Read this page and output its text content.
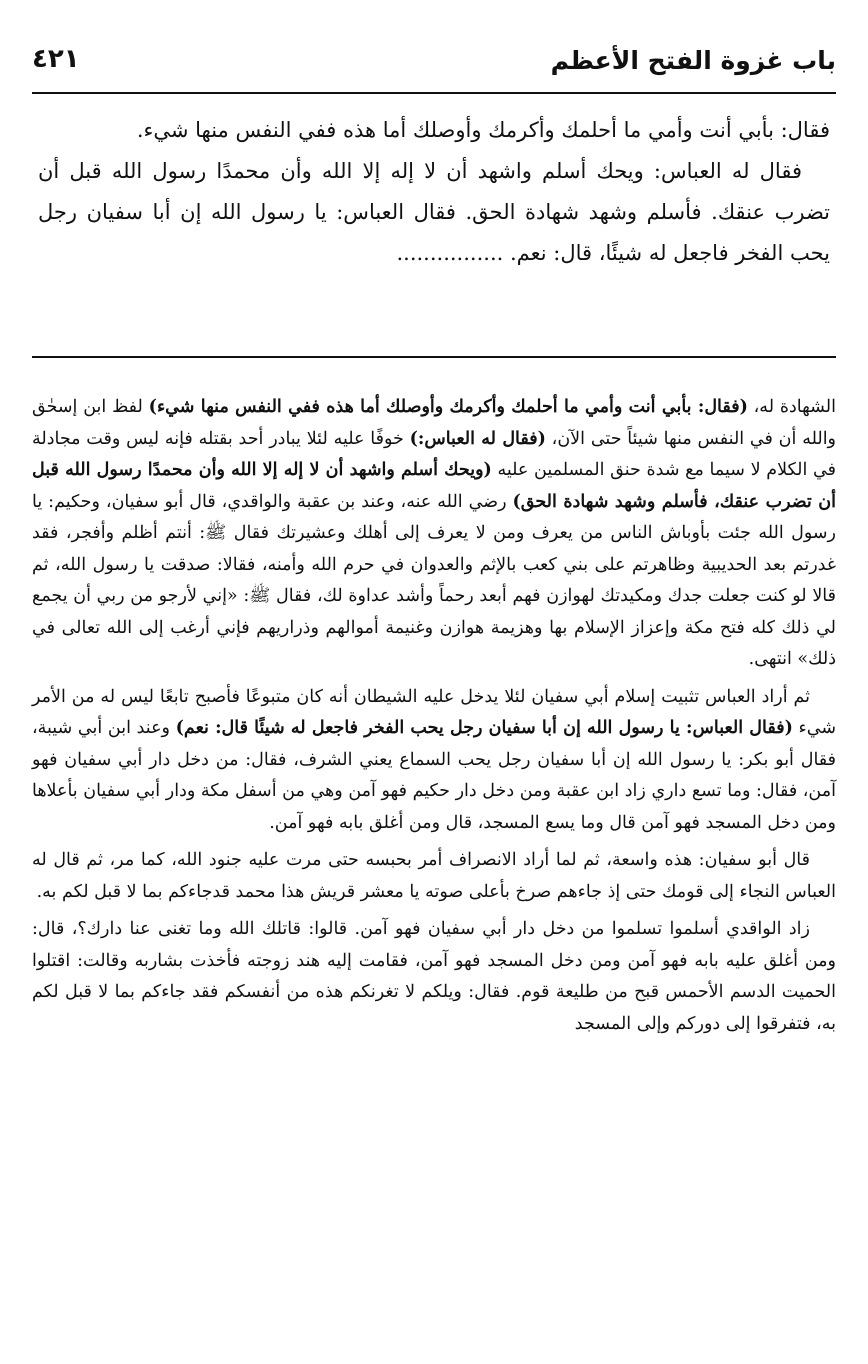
باب غزوة الفتح الأعظم
٤٢١

فقال: بأبي أنت وأمي ما أحلمك وأكرمك وأوصلك أما هذه ففي النفس منها شيء.

فقال له العباس: ويحك أسلم واشهد أن لا إله إلا الله وأن محمدًا رسول الله قبل أن تضرب عنقك. فأسلم وشهد شهادة الحق. فقال العباس: يا رسول الله إن أبا سفيان رجل يحب الفخر فاجعل له شيئًا، قال: نعم. ................

الشهادة له، (فقال: بأبي أنت وأمي ما أحلمك وأكرمك وأوصلك أما هذه ففي النفس منها شيء) لفظ ابن إسحٰق والله أن في النفس منها شيئاً حتى الآن، (فقال له العباس:) خوفًا عليه لئلا يبادر أحد بقتله فإنه ليس وقت مجادلة في الكلام لا سيما مع شدة حنق المسلمين عليه (ويحك أسلم واشهد أن لا إله إلا الله وأن محمدًا رسول الله قبل أن تضرب عنقك، فأسلم وشهد شهادة الحق) رضي الله عنه، وعند بن عقبة والواقدي، قال أبو سفيان، وحكيم: يا رسول الله جئت بأوباش الناس من يعرف ومن لا يعرف إلى أهلك وعشيرتك فقال ﷺ: أنتم أظلم وأفجر، فقد غدرتم بعد الحديبية وظاهرتم على بني كعب بالإثم والعدوان في حرم الله وأمنه، فقالا: صدقت يا رسول الله، ثم قالا لو كنت جعلت جدك ومكيدتك لهوازن فهم أبعد رحماً وأشد عداوة لك، فقال ﷺ: «إني لأرجو من ربي أن يجمع لي ذلك كله فتح مكة وإعزاز الإسلام بها وهزيمة هوازن وغنيمة أموالهم وذراريهم فإني أرغب إلى الله تعالى في ذلك» انتهى.

ثم أراد العباس تثبيت إسلام أبي سفيان لئلا يدخل عليه الشيطان أنه كان متبوعًا فأصبح تابعًا ليس له من الأمر شيء (فقال العباس: يا رسول الله إن أبا سفيان رجل يحب الفخر فاجعل له شيئًا قال: نعم) وعند ابن أبي شيبة، فقال أبو بكر: يا رسول الله إن أبا سفيان رجل يحب السماع يعني الشرف، فقال: من دخل دار أبي سفيان فهو آمن، فقال: وما تسع داري زاد ابن عقبة ومن دخل دار حكيم فهو آمن وهي من أسفل مكة ودار أبي سفيان بأعلاها ومن دخل المسجد فهو آمن قال وما يسع المسجد، قال ومن أغلق بابه فهو آمن.

قال أبو سفيان: هذه واسعة، ثم لما أراد الانصراف أمر بحبسه حتى مرت عليه جنود الله، كما مر، ثم قال له العباس النجاء إلى قومك حتى إذ جاءهم صرخ بأعلى صوته يا معشر قريش هذا محمد قدجاءكم بما لا قبل لكم به.

زاد الواقدي أسلموا تسلموا من دخل دار أبي سفيان فهو آمن. قالوا: قاتلك الله وما تغنى عنا دارك؟، قال: ومن أغلق عليه بابه فهو آمن ومن دخل المسجد فهو آمن، فقامت إليه هند زوجته فأخذت بشاربه وقالت: اقتلوا الحميت الدسم الأحمس قبح من طليعة قوم. فقال: ويلكم لا تغرنكم هذه من أنفسكم فقد جاءكم بما لا قبل لكم به، فتفرقوا إلى دوركم وإلى المسجد
